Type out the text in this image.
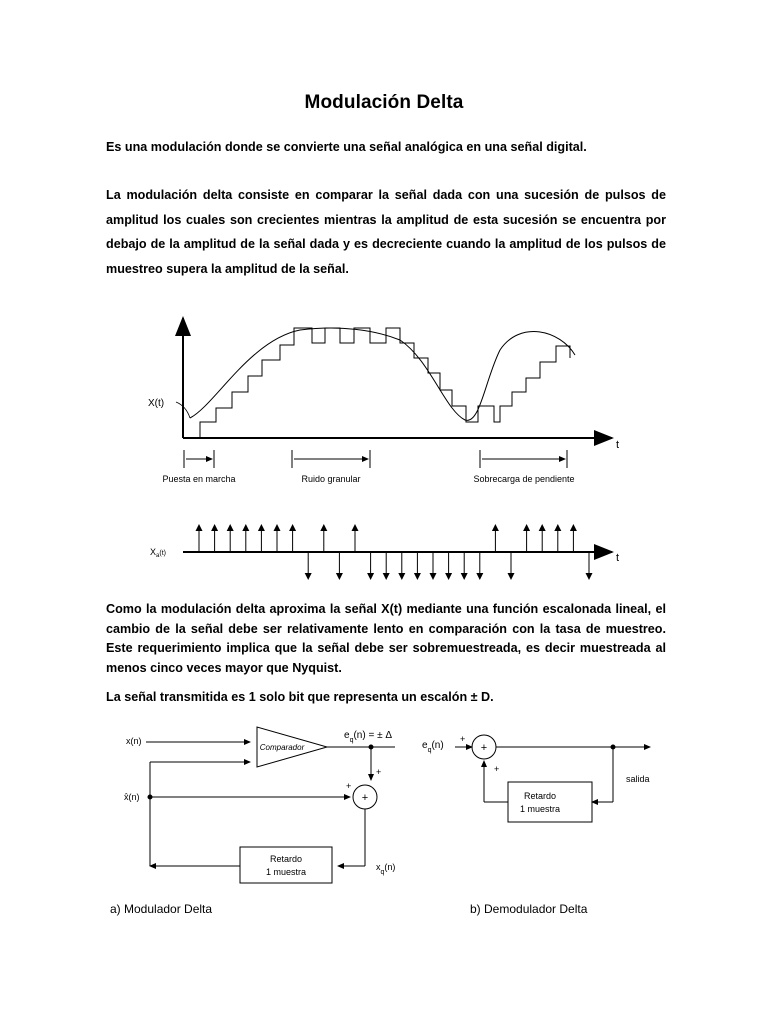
Modulación Delta
Es una modulación donde se convierte una señal analógica en una señal digital.
La modulación delta consiste en comparar la señal dada con una sucesión de pulsos de amplitud los cuales son crecientes mientras la amplitud de esta sucesión se encuentra por debajo de la amplitud de la señal dada y es decreciente cuando la amplitud de los pulsos de muestreo supera la amplitud de la señal.
t
X(t)
Puesta en marcha	Ruido granular	Sobrecarga de pendiente
t
$X_a^{(t)}$
x(n)
Comparador
+
$e_q(n)$ = ± Δ
x̂(n)	+
+
Retardo
1 muestra	$x_q(n)$
a) Modulador Delta
$e_q(n)$
+
+
Retardo
1 muestra
+
salida
b) Demodulador Delta
Como la modulación delta aproxima la señal X(t) mediante una función escalonada lineal, el cambio de la señal debe ser relativamente lento en comparación con la tasa de muestreo. Este requerimiento implica que la señal debe ser sobremuestreada, es decir muestreada al menos cinco veces mayor que Nyquist.
La señal transmitida es 1 solo bit que representa un escalón ± D.
